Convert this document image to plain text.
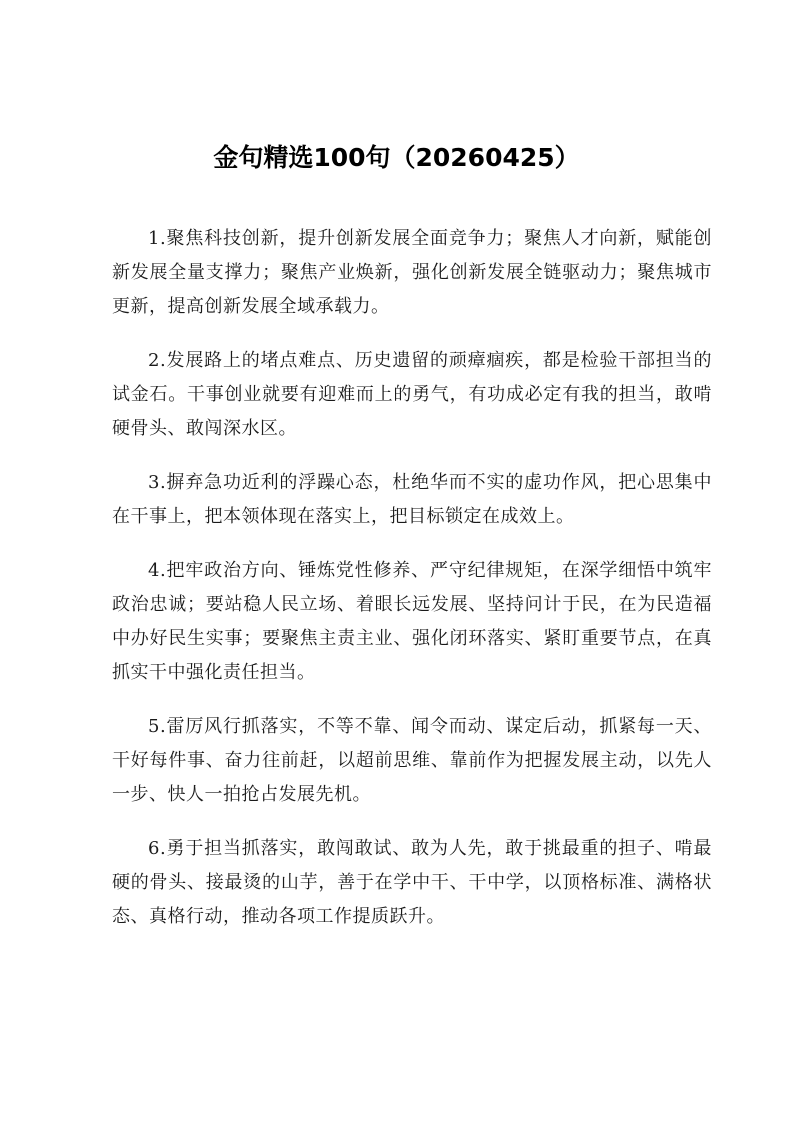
金句精选100句（20260425）

1.聚焦科技创新，提升创新发展全面竞争力；聚焦人才向新，赋能创新发展全量支撑力；聚焦产业焕新，强化创新发展全链驱动力；聚焦城市更新，提高创新发展全域承载力。

2.发展路上的堵点难点、历史遗留的顽瘴痼疾，都是检验干部担当的试金石。干事创业就要有迎难而上的勇气，有功成必定有我的担当，敢啃硬骨头、敢闯深水区。

3.摒弃急功近利的浮躁心态，杜绝华而不实的虚功作风，把心思集中在干事上，把本领体现在落实上，把目标锁定在成效上。

4.把牢政治方向、锤炼党性修养、严守纪律规矩，在深学细悟中筑牢政治忠诚；要站稳人民立场、着眼长远发展、坚持问计于民，在为民造福中办好民生实事；要聚焦主责主业、强化闭环落实、紧盯重要节点，在真抓实干中强化责任担当。

5.雷厉风行抓落实，不等不靠、闻令而动、谋定后动，抓紧每一天、干好每件事、奋力往前赶，以超前思维、靠前作为把握发展主动，以先人一步、快人一拍抢占发展先机。

6.勇于担当抓落实，敢闯敢试、敢为人先，敢于挑最重的担子、啃最硬的骨头、接最烫的山芋，善于在学中干、干中学，以顶格标准、满格状态、真格行动，推动各项工作提质跃升。
